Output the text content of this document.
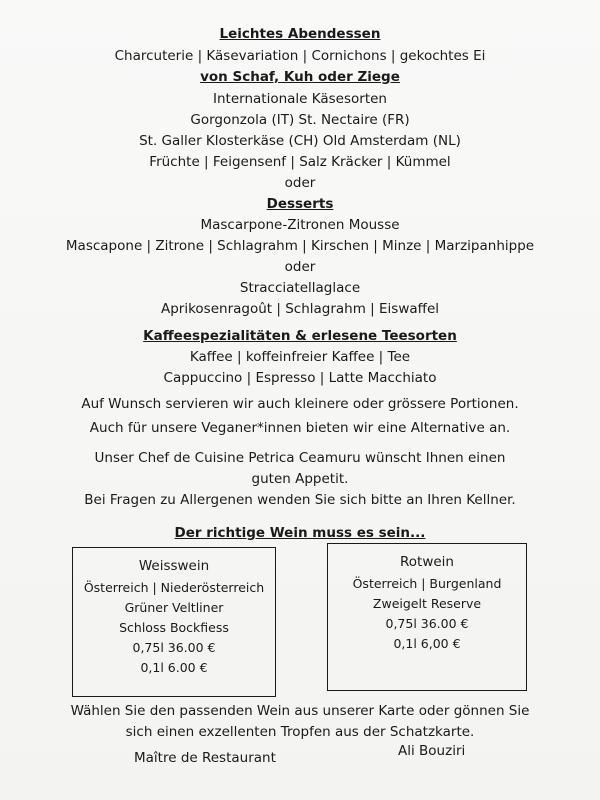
Leichtes Abendessen
Charcuterie | Käsevariation | Cornichons | gekochtes Ei
von Schaf, Kuh oder Ziege
Internationale Käsesorten
Gorgonzola (IT) St. Nectaire (FR)
St. Galler Klosterkäse (CH) Old Amsterdam (NL)
Früchte | Feigensenf | Salz Kräcker | Kümmel
oder
Desserts
Mascarpone-Zitronen Mousse
Mascapone | Zitrone | Schlagrahm | Kirschen | Minze | Marzipanhippe
oder
Stracciatellaglace
Aprikosenragoût | Schlagrahm | Eiswaffel
Kaffeespezialitäten & erlesene Teesorten
Kaffee | koffeinfreier Kaffee | Tee
Cappuccino | Espresso | Latte Macchiato
Auf Wunsch servieren wir auch kleinere oder grössere Portionen.
Auch für unsere Veganer*innen bieten wir eine Alternative an.
Unser Chef de Cuisine Petrica Ceamuru wünscht Ihnen einen
guten Appetit.
Bei Fragen zu Allergenen wenden Sie sich bitte an Ihren Kellner.
Der richtige Wein muss es sein...
Weisswein
Österreich | Niederösterreich
Grüner Veltliner
Schloss Bockfiess
0,75l 36.00 €
0,1l 6.00 €
Rotwein
Österreich | Burgenland
Zweigelt Reserve
0,75l 36.00 €
0,1l 6,00 €
Wählen Sie den passenden Wein aus unserer Karte oder gönnen Sie
sich einen exzellenten Tropfen aus der Schatzkarte.
Maître de Restaurant	Ali Bouziri
